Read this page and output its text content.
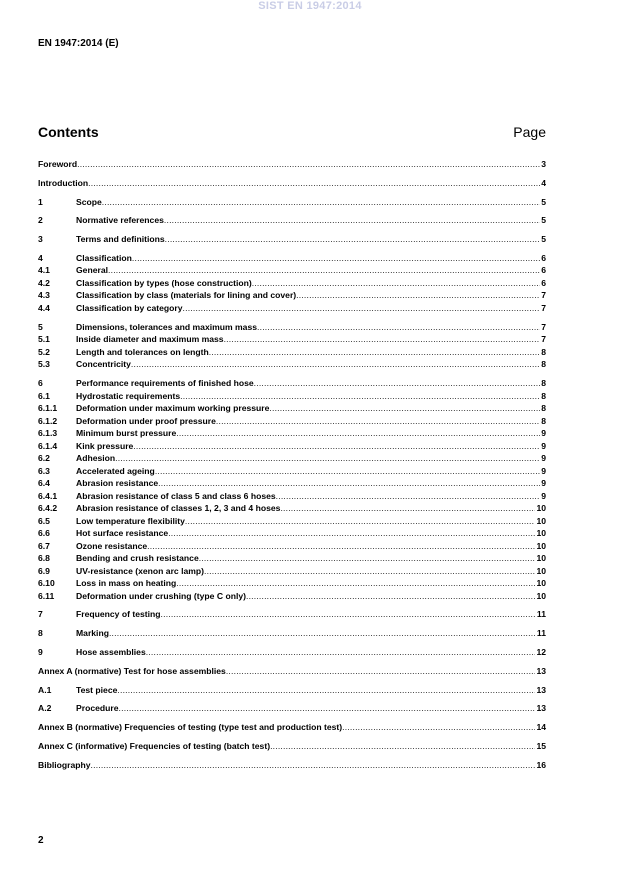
SIST EN 1947:2014
EN 1947:2014 (E)
Contents	Page
Foreword .....	3
Introduction .....	4
1	Scope .....	5
2	Normative references .....	5
3	Terms and definitions .....	5
4	Classification .....	6
4.1	General .....	6
4.2	Classification by types (hose construction) .....	6
4.3	Classification by class (materials for lining and cover) .....	7
4.4	Classification by category .....	7
5	Dimensions, tolerances and maximum mass .....	7
5.1	Inside diameter and maximum mass .....	7
5.2	Length and tolerances on length .....	8
5.3	Concentricity .....	8
6	Performance requirements of finished hose .....	8
6.1	Hydrostatic requirements .....	8
6.1.1	Deformation under maximum working pressure .....	8
6.1.2	Deformation under proof pressure .....	8
6.1.3	Minimum burst pressure .....	9
6.1.4	Kink pressure .....	9
6.2	Adhesion .....	9
6.3	Accelerated ageing .....	9
6.4	Abrasion resistance .....	9
6.4.1	Abrasion resistance of class 5 and class 6 hoses .....	9
6.4.2	Abrasion resistance of classes 1, 2, 3 and 4 hoses .....	10
6.5	Low temperature flexibility .....	10
6.6	Hot surface resistance .....	10
6.7	Ozone resistance .....	10
6.8	Bending and crush resistance .....	10
6.9	UV-resistance (xenon arc lamp) .....	10
6.10	Loss in mass on heating .....	10
6.11	Deformation under crushing (type C only) .....	10
7	Frequency of testing .....	11
8	Marking .....	11
9	Hose assemblies .....	12
Annex A (normative) Test for hose assemblies .....	13
A.1	Test piece .....	13
A.2	Procedure .....	13
Annex B (normative) Frequencies of testing (type test and production test) .....	14
Annex C (informative) Frequencies of testing (batch test) .....	15
Bibliography .....	16
2
